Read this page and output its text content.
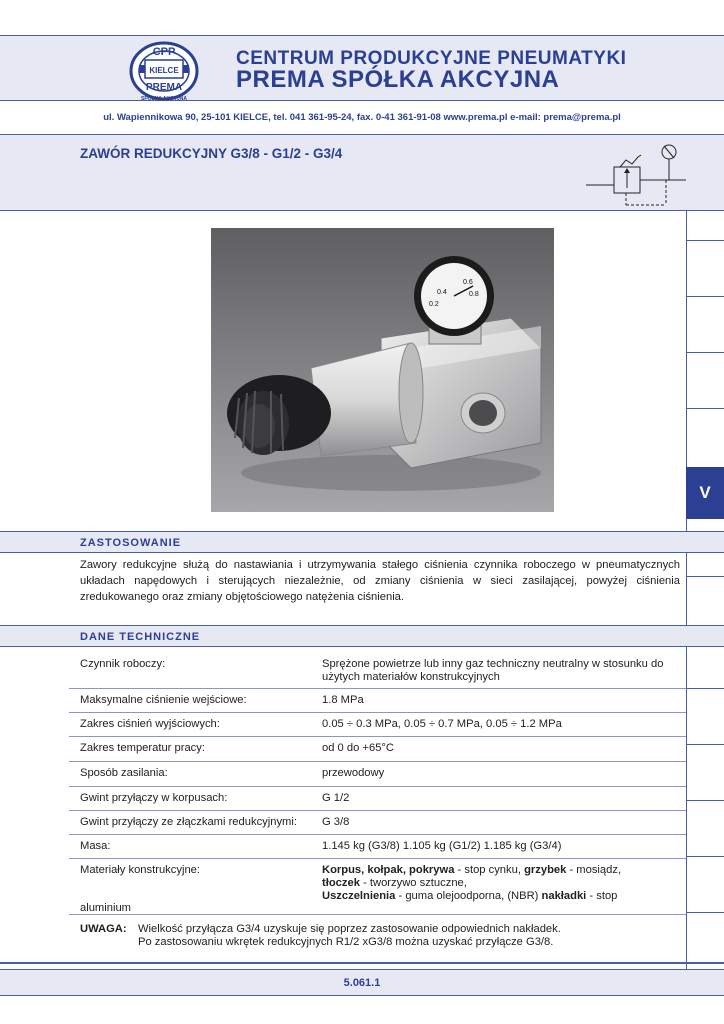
CPP
KIELCE
PREMA
SPÓŁKA AKCYJNA
CENTRUM PRODUKCYJNE PNEUMATYKI
PREMA SPÓŁKA AKCYJNA
ul. Wapiennikowa 90, 25-101 KIELCE, tel. 041 361-95-24, fax. 0-41 361-91-08 www.prema.pl e-mail: prema@prema.pl
ZAWÓR REDUKCYJNY G3/8 - G1/2 - G3/4
V
0.4
0.6
0.2
0.8
ZASTOSOWANIE
Zawory redukcyjne służą do nastawiania i utrzymywania stałego ciśnienia czynnika roboczego w pneumatycznych układach napędowych i sterujących niezależnie, od zmiany ciśnienia w sieci zasilającej, powyżej ciśnienia zredukowanego oraz zmiany objętościowego natężenia ciśnienia.
DANE TECHNICZNE
Czynnik roboczy:	Sprężone powietrze lub inny gaz techniczny neutralny w stosunku do użytych materiałów konstrukcyjnych
Maksymalne ciśnienie wejściowe:	1.8 MPa
Zakres ciśnień wyjściowych:	0.05 ÷ 0.3 MPa, 0.05 ÷ 0.7 MPa, 0.05 ÷ 1.2 MPa
Zakres temperatur pracy:	od 0 do +65°C
Sposób zasilania:	przewodowy
Gwint przyłączy w korpusach:	G 1/2
Gwint przyłączy ze złączkami redukcyjnymi: G 3/8
Masa:	1.145 kg (G3/8) 1.105 kg (G1/2) 1.185 kg (G3/4)
Materiały konstrukcyjne:	Korpus, kołpak, pokrywa - stop cynku, grzybek - mosiądz,
tłoczek - tworzywo sztuczne,
Uszczelnienia - guma olejoodporna, (NBR) nakładki - stop
aluminium
UWAGA: Wielkość przyłącza G3/4 uzyskuje się poprzez zastosowanie odpowiednich nakładek.
Po zastosowaniu wkrętek redukcyjnych R1/2 xG3/8 można uzyskać przyłącze G3/8.
5.061.1
